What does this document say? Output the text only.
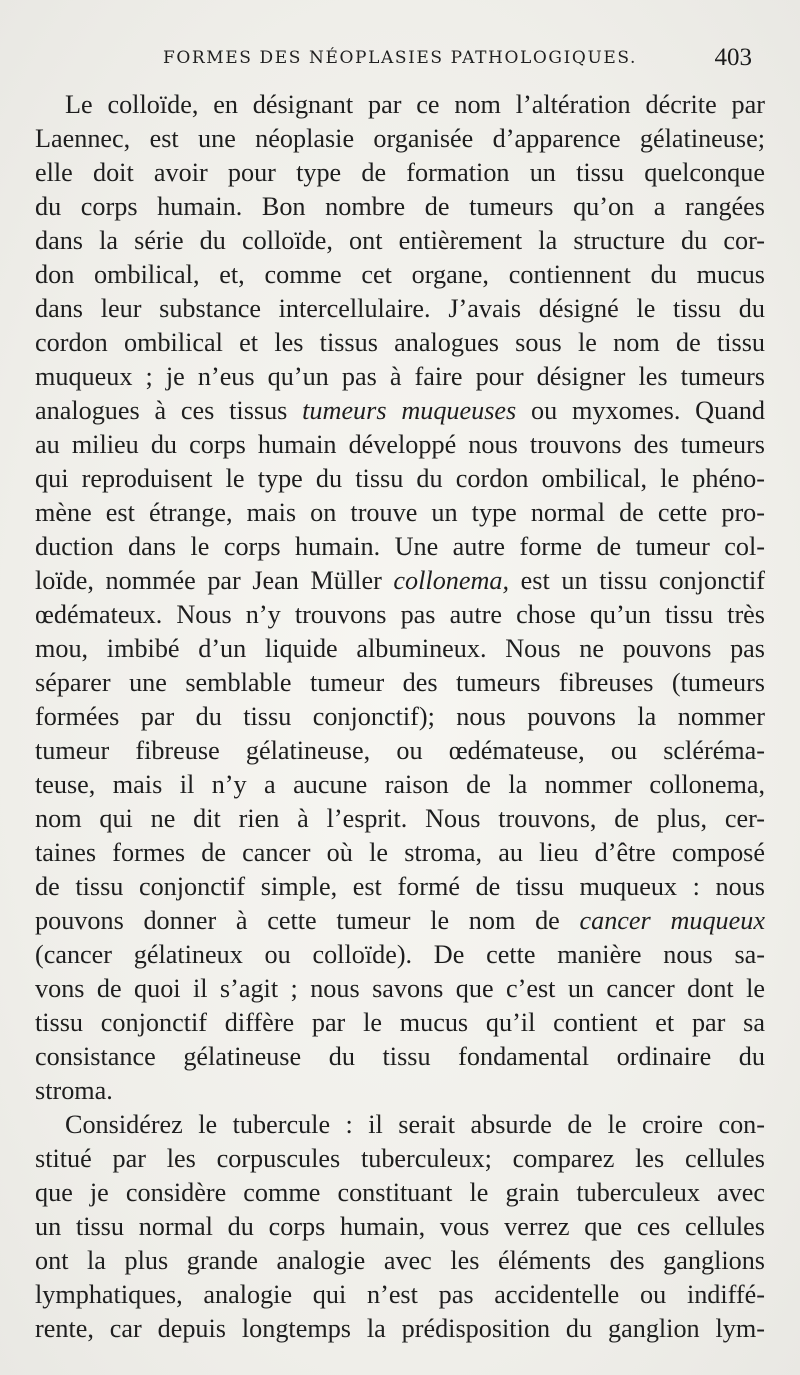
FORMES DES NÉOPLASIES PATHOLOGIQUES.	403
Le colloïde, en désignant par ce nom l’altération décrite par
Laennec, est une néoplasie organisée d’apparence gélatineuse;
elle doit avoir pour type de formation un tissu quelconque
du corps humain. Bon nombre de tumeurs qu’on a rangées
dans la série du colloïde, ont entièrement la structure du cor-
don ombilical, et, comme cet organe, contiennent du mucus
dans leur substance intercellulaire. J’avais désigné le tissu du
cordon ombilical et les tissus analogues sous le nom de tissu
muqueux ; je n’eus qu’un pas à faire pour désigner les tumeurs
analogues à ces tissus tumeurs muqueuses ou myxomes. Quand
au milieu du corps humain développé nous trouvons des tumeurs
qui reproduisent le type du tissu du cordon ombilical, le phéno-
mène est étrange, mais on trouve un type normal de cette pro-
duction dans le corps humain. Une autre forme de tumeur col-
loïde, nommée par Jean Müller collonema, est un tissu conjonctif
œdémateux. Nous n’y trouvons pas autre chose qu’un tissu très
mou, imbibé d’un liquide albumineux. Nous ne pouvons pas
séparer une semblable tumeur des tumeurs fibreuses (tumeurs
formées par du tissu conjonctif); nous pouvons la nommer
tumeur fibreuse gélatineuse, ou œdémateuse, ou scléréma-
teuse, mais il n’y a aucune raison de la nommer collonema,
nom qui ne dit rien à l’esprit. Nous trouvons, de plus, cer-
taines formes de cancer où le stroma, au lieu d’être composé
de tissu conjonctif simple, est formé de tissu muqueux : nous
pouvons donner à cette tumeur le nom de cancer muqueux
(cancer gélatineux ou colloïde). De cette manière nous sa-
vons de quoi il s’agit ; nous savons que c’est un cancer dont le
tissu conjonctif diffère par le mucus qu’il contient et par sa
consistance gélatineuse du tissu fondamental ordinaire du
stroma.
Considérez le tubercule : il serait absurde de le croire con-
stitué par les corpuscules tuberculeux; comparez les cellules
que je considère comme constituant le grain tuberculeux avec
un tissu normal du corps humain, vous verrez que ces cellules
ont la plus grande analogie avec les éléments des ganglions
lymphatiques, analogie qui n’est pas accidentelle ou indiffé-
rente, car depuis longtemps la prédisposition du ganglion lym-
